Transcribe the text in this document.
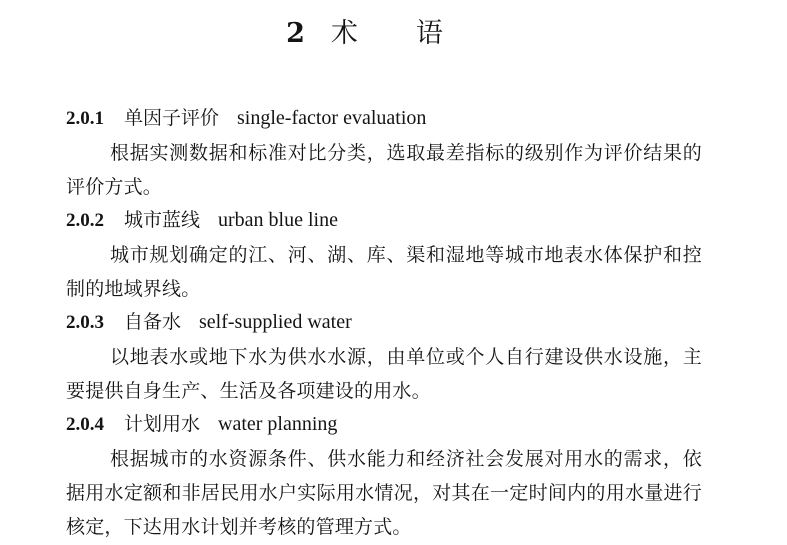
2 术语
2.0.1 单因子评价 single-factor evaluation
根据实测数据和标准对比分类，选取最差指标的级别作为评价结果的评价方式。
2.0.2 城市蓝线 urban blue line
城市规划确定的江、河、湖、库、渠和湿地等城市地表水体保护和控制的地域界线。
2.0.3 自备水 self-supplied water
以地表水或地下水为供水水源，由单位或个人自行建设供水设施，主要提供自身生产、生活及各项建设的用水。
2.0.4 计划用水 water planning
根据城市的水资源条件、供水能力和经济社会发展对用水的需求，依据用水定额和非居民用水户实际用水情况，对其在一定时间内的用水量进行核定，下达用水计划并考核的管理方式。
